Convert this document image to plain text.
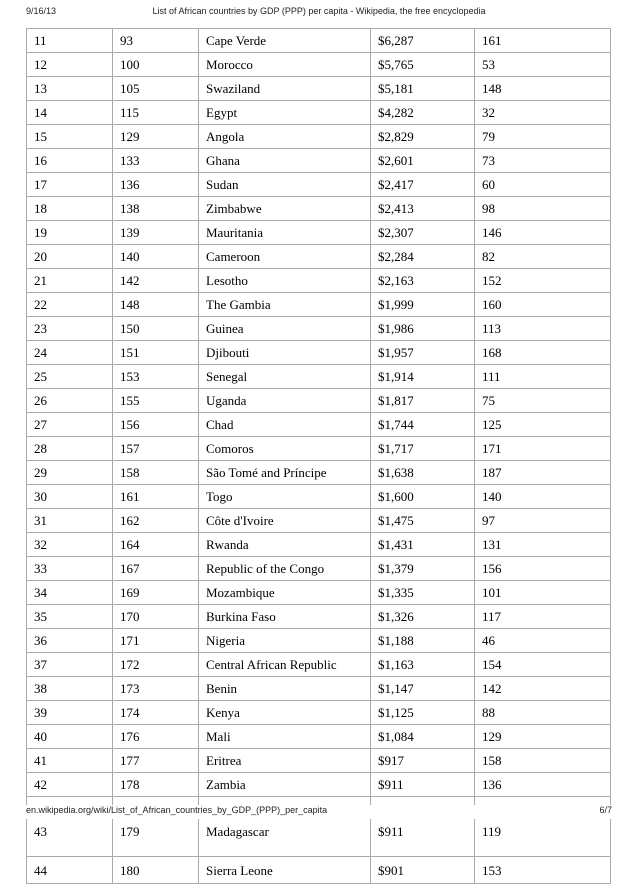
9/16/13	List of African countries by GDP (PPP) per capita - Wikipedia, the free encyclopedia
11	93	Cape Verde	$6,287	161
12	100	Morocco	$5,765	53
13	105	Swaziland	$5,181	148
14	115	Egypt	$4,282	32
15	129	Angola	$2,829	79
16	133	Ghana	$2,601	73
17	136	Sudan	$2,417	60
18	138	Zimbabwe	$2,413	98
19	139	Mauritania	$2,307	146
20	140	Cameroon	$2,284	82
21	142	Lesotho	$2,163	152
22	148	The Gambia	$1,999	160
23	150	Guinea	$1,986	113
24	151	Djibouti	$1,957	168
25	153	Senegal	$1,914	111
26	155	Uganda	$1,817	75
27	156	Chad	$1,744	125
28	157	Comoros	$1,717	171
29	158	São Tomé and Príncipe	$1,638	187
30	161	Togo	$1,600	140
31	162	Côte d'Ivoire	$1,475	97
32	164	Rwanda	$1,431	131
33	167	Republic of the Congo	$1,379	156
34	169	Mozambique	$1,335	101
35	170	Burkina Faso	$1,326	117
36	171	Nigeria	$1,188	46
37	172	Central African Republic	$1,163	154
38	173	Benin	$1,147	142
39	174	Kenya	$1,125	88
40	176	Mali	$1,084	129
41	177	Eritrea	$917	158
42	178	Zambia	$911	136
43	179	Madagascar	$911	119
44	180	Sierra Leone	$901	153
en.wikipedia.org/wiki/List_of_African_countries_by_GDP_(PPP)_per_capita	6/7
